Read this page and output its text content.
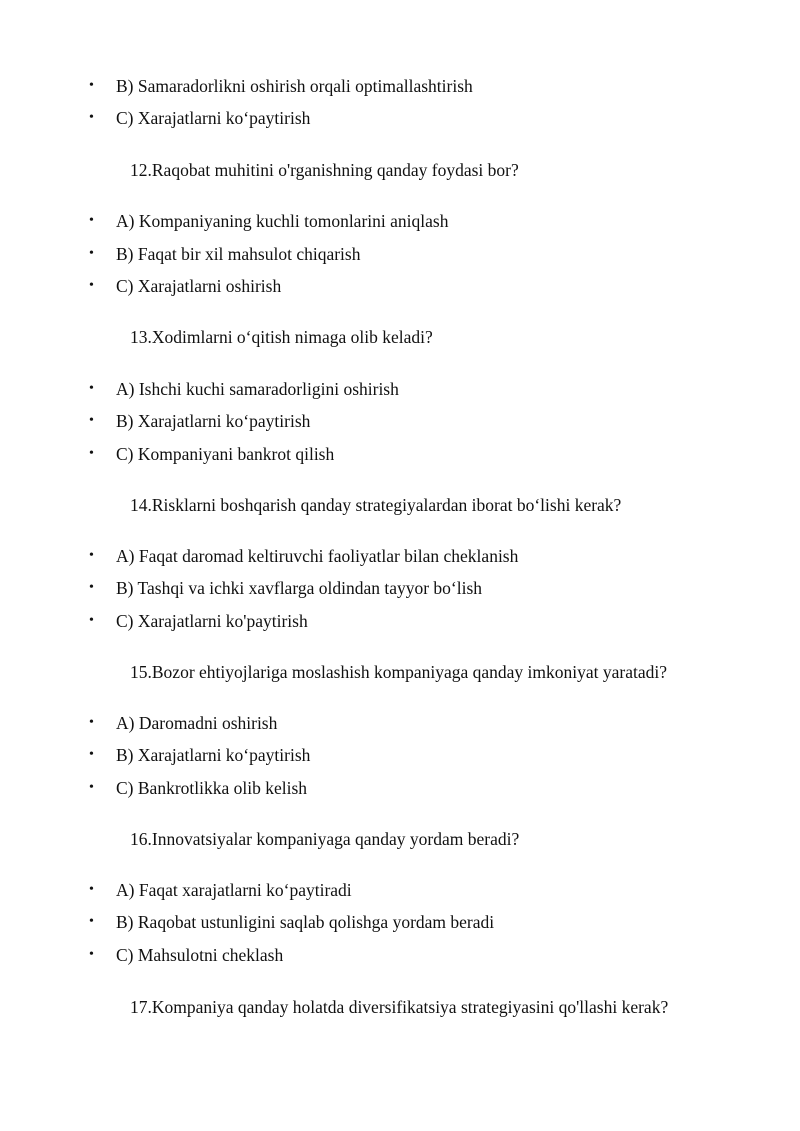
• B) Samaradorlikni oshirish orqali optimallashtirish
• C) Xarajatlarni ko‘paytirish
12.Raqobat muhitini o'rganishning qanday foydasi bor?
• A) Kompaniyaning kuchli tomonlarini aniqlash
• B) Faqat bir xil mahsulot chiqarish
• C) Xarajatlarni oshirish
13.Xodimlarni o‘qitish nimaga olib keladi?
• A) Ishchi kuchi samaradorligini oshirish
• B) Xarajatlarni ko‘paytirish
• C) Kompaniyani bankrot qilish
14.Risklarni boshqarish qanday strategiyalardan iborat bo‘lishi kerak?
• A) Faqat daromad keltiruvchi faoliyatlar bilan cheklanish
• B) Tashqi va ichki xavflarga oldindan tayyor bo‘lish
• C) Xarajatlarni ko'paytirish
15.Bozor ehtiyojlariga moslashish kompaniyaga qanday imkoniyat yaratadi?
• A) Daromadni oshirish
• B) Xarajatlarni ko‘paytirish
• C) Bankrotlikka olib kelish
16.Innovatsiyalar kompaniyaga qanday yordam beradi?
• A) Faqat xarajatlarni ko‘paytiradi
• B) Raqobat ustunligini saqlab qolishga yordam beradi
• C) Mahsulotni cheklash
17.Kompaniya qanday holatda diversifikatsiya strategiyasini qo'llashi kerak?
